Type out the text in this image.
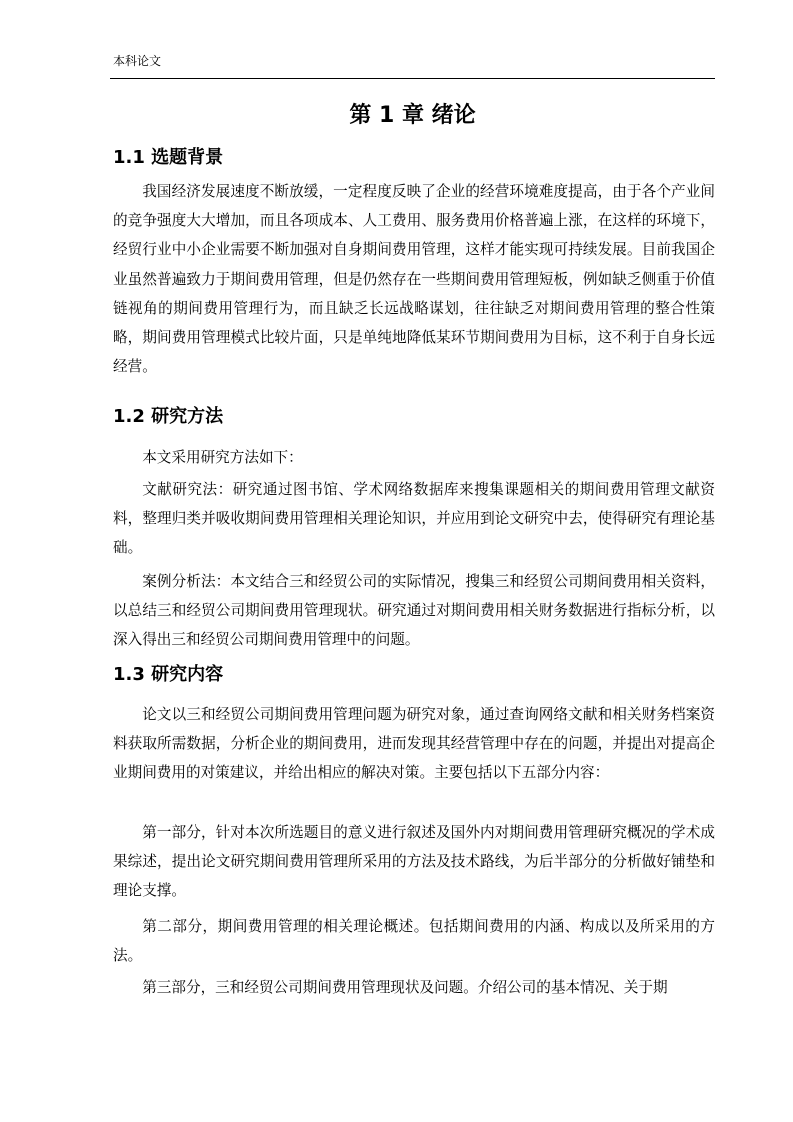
本科论文
第 1 章 绪论
1.1 选题背景

我国经济发展速度不断放缓，一定程度反映了企业的经营环境难度提高，由于各个产业间的竞争强度大大增加，而且各项成本、人工费用、服务费用价格普遍上涨，在这样的环境下，经贸行业中小企业需要不断加强对自身期间费用管理，这样才能实现可持续发展。目前我国企业虽然普遍致力于期间费用管理，但是仍然存在一些期间费用管理短板，例如缺乏侧重于价值链视角的期间费用管理行为，而且缺乏长远战略谋划，往往缺乏对期间费用管理的整合性策略，期间费用管理模式比较片面，只是单纯地降低某环节期间费用为目标，这不利于自身长远经营。

1.2 研究方法

本文采用研究方法如下：

文献研究法：研究通过图书馆、学术网络数据库来搜集课题相关的期间费用管理文献资料，整理归类并吸收期间费用管理相关理论知识，并应用到论文研究中去，使得研究有理论基础。

案例分析法：本文结合三和经贸公司的实际情况，搜集三和经贸公司期间费用相关资料，以总结三和经贸公司期间费用管理现状。研究通过对期间费用相关财务数据进行指标分析，以深入得出三和经贸公司期间费用管理中的问题。

1.3 研究内容

论文以三和经贸公司期间费用管理问题为研究对象，通过查询网络文献和相关财务档案资料获取所需数据，分析企业的期间费用，进而发现其经营管理中存在的问题，并提出对提高企业期间费用的对策建议，并给出相应的解决对策。主要包括以下五部分内容：

第一部分，针对本次所选题目的意义进行叙述及国外内对期间费用管理研究概况的学术成果综述，提出论文研究期间费用管理所采用的方法及技术路线，为后半部分的分析做好铺垫和理论支撑。

第二部分，期间费用管理的相关理论概述。包括期间费用的内涵、构成以及所采用的方法。

第三部分，三和经贸公司期间费用管理现状及问题。介绍公司的基本情况、关于期
